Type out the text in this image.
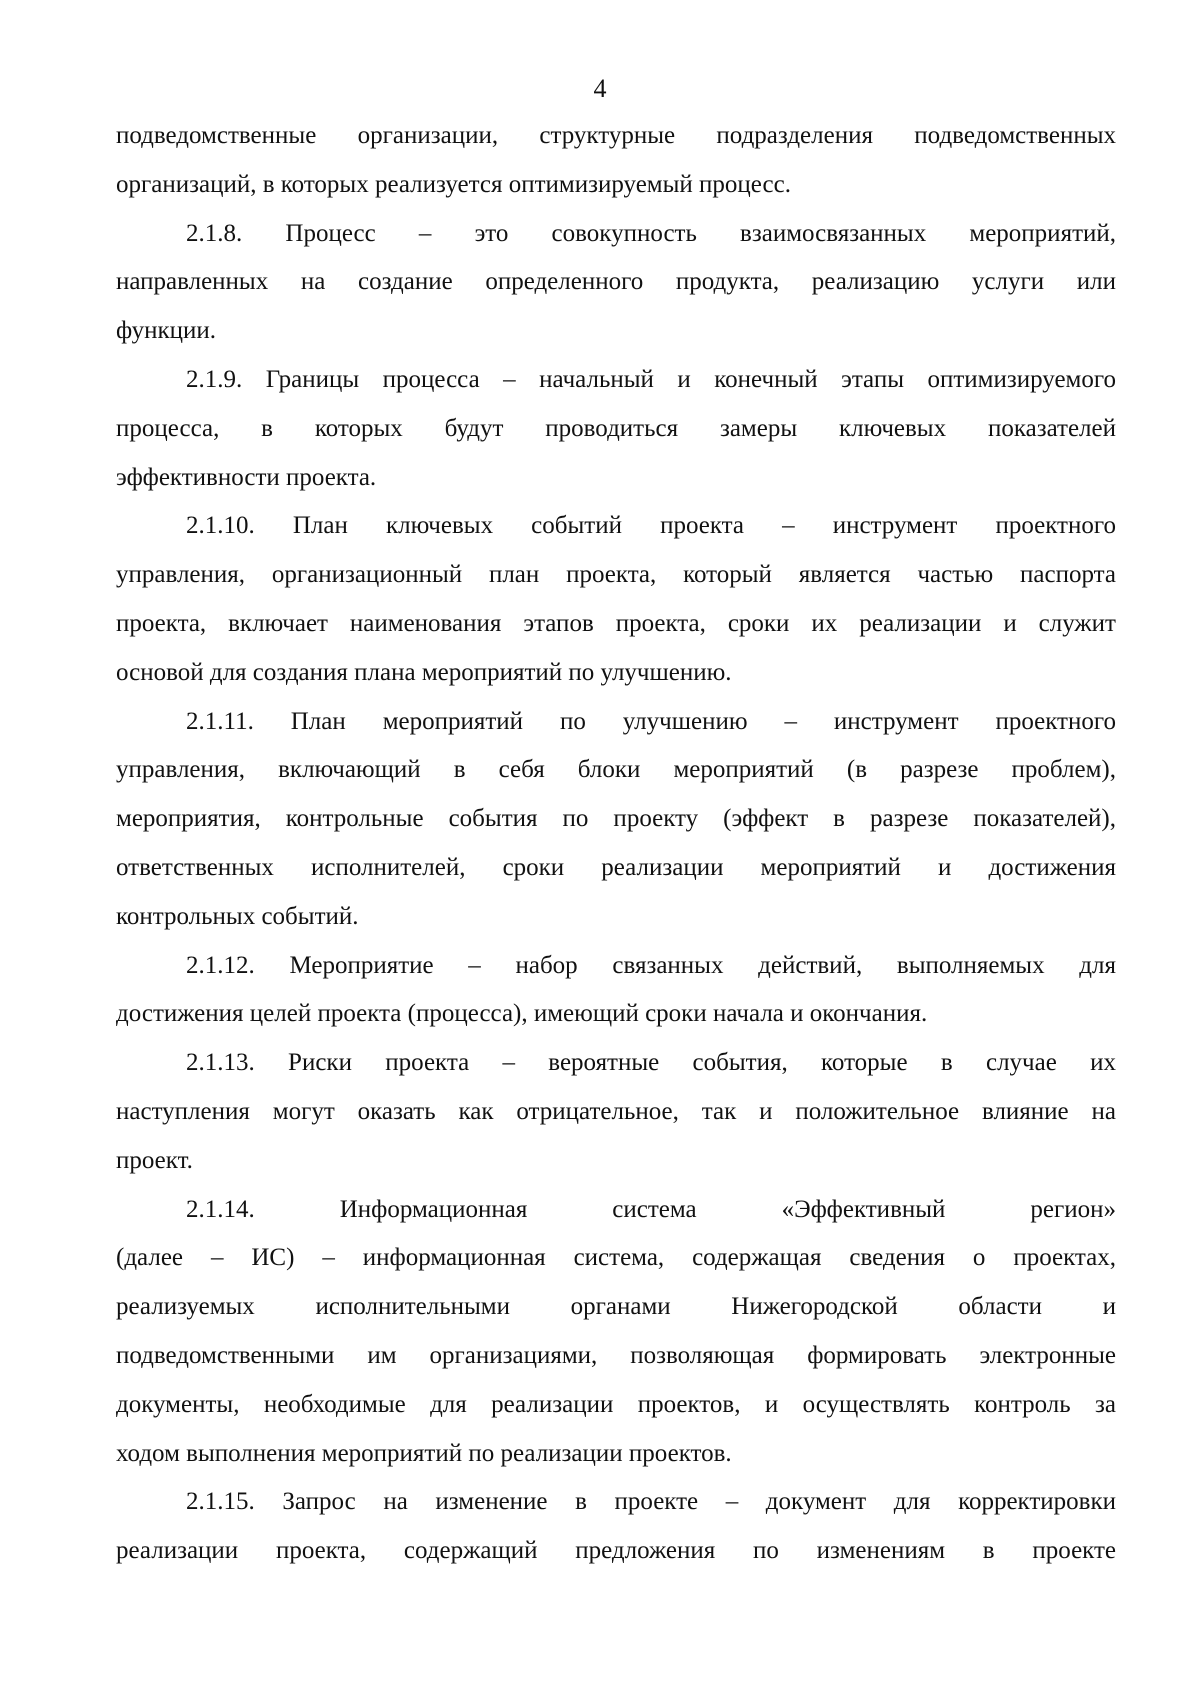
4

подведомственные организации, структурные подразделения подведомственных
организаций, в которых реализуется оптимизируемый процесс.

2.1.8. Процесс – это совокупность взаимосвязанных мероприятий,
направленных на создание определенного продукта, реализацию услуги или
функции.

2.1.9. Границы процесса – начальный и конечный этапы оптимизируемого
процесса, в которых будут проводиться замеры ключевых показателей
эффективности проекта.

2.1.10. План ключевых событий проекта – инструмент проектного
управления, организационный план проекта, который является частью паспорта
проекта, включает наименования этапов проекта, сроки их реализации и служит
основой для создания плана мероприятий по улучшению.

2.1.11. План мероприятий по улучшению – инструмент проектного
управления, включающий в себя блоки мероприятий (в разрезе проблем),
мероприятия, контрольные события по проекту (эффект в разрезе показателей),
ответственных исполнителей, сроки реализации мероприятий и достижения
контрольных событий.

2.1.12. Мероприятие – набор связанных действий, выполняемых для
достижения целей проекта (процесса), имеющий сроки начала и окончания.

2.1.13. Риски проекта – вероятные события, которые в случае их
наступления могут оказать как отрицательное, так и положительное влияние на
проект.

2.1.14. Информационная система «Эффективный регион»
(далее – ИС) – информационная система, содержащая сведения о проектах,
реализуемых исполнительными органами Нижегородской области и
подведомственными им организациями, позволяющая формировать электронные
документы, необходимые для реализации проектов, и осуществлять контроль за
ходом выполнения мероприятий по реализации проектов.

2.1.15. Запрос на изменение в проекте – документ для корректировки
реализации проекта, содержащий предложения по изменениям в проекте
